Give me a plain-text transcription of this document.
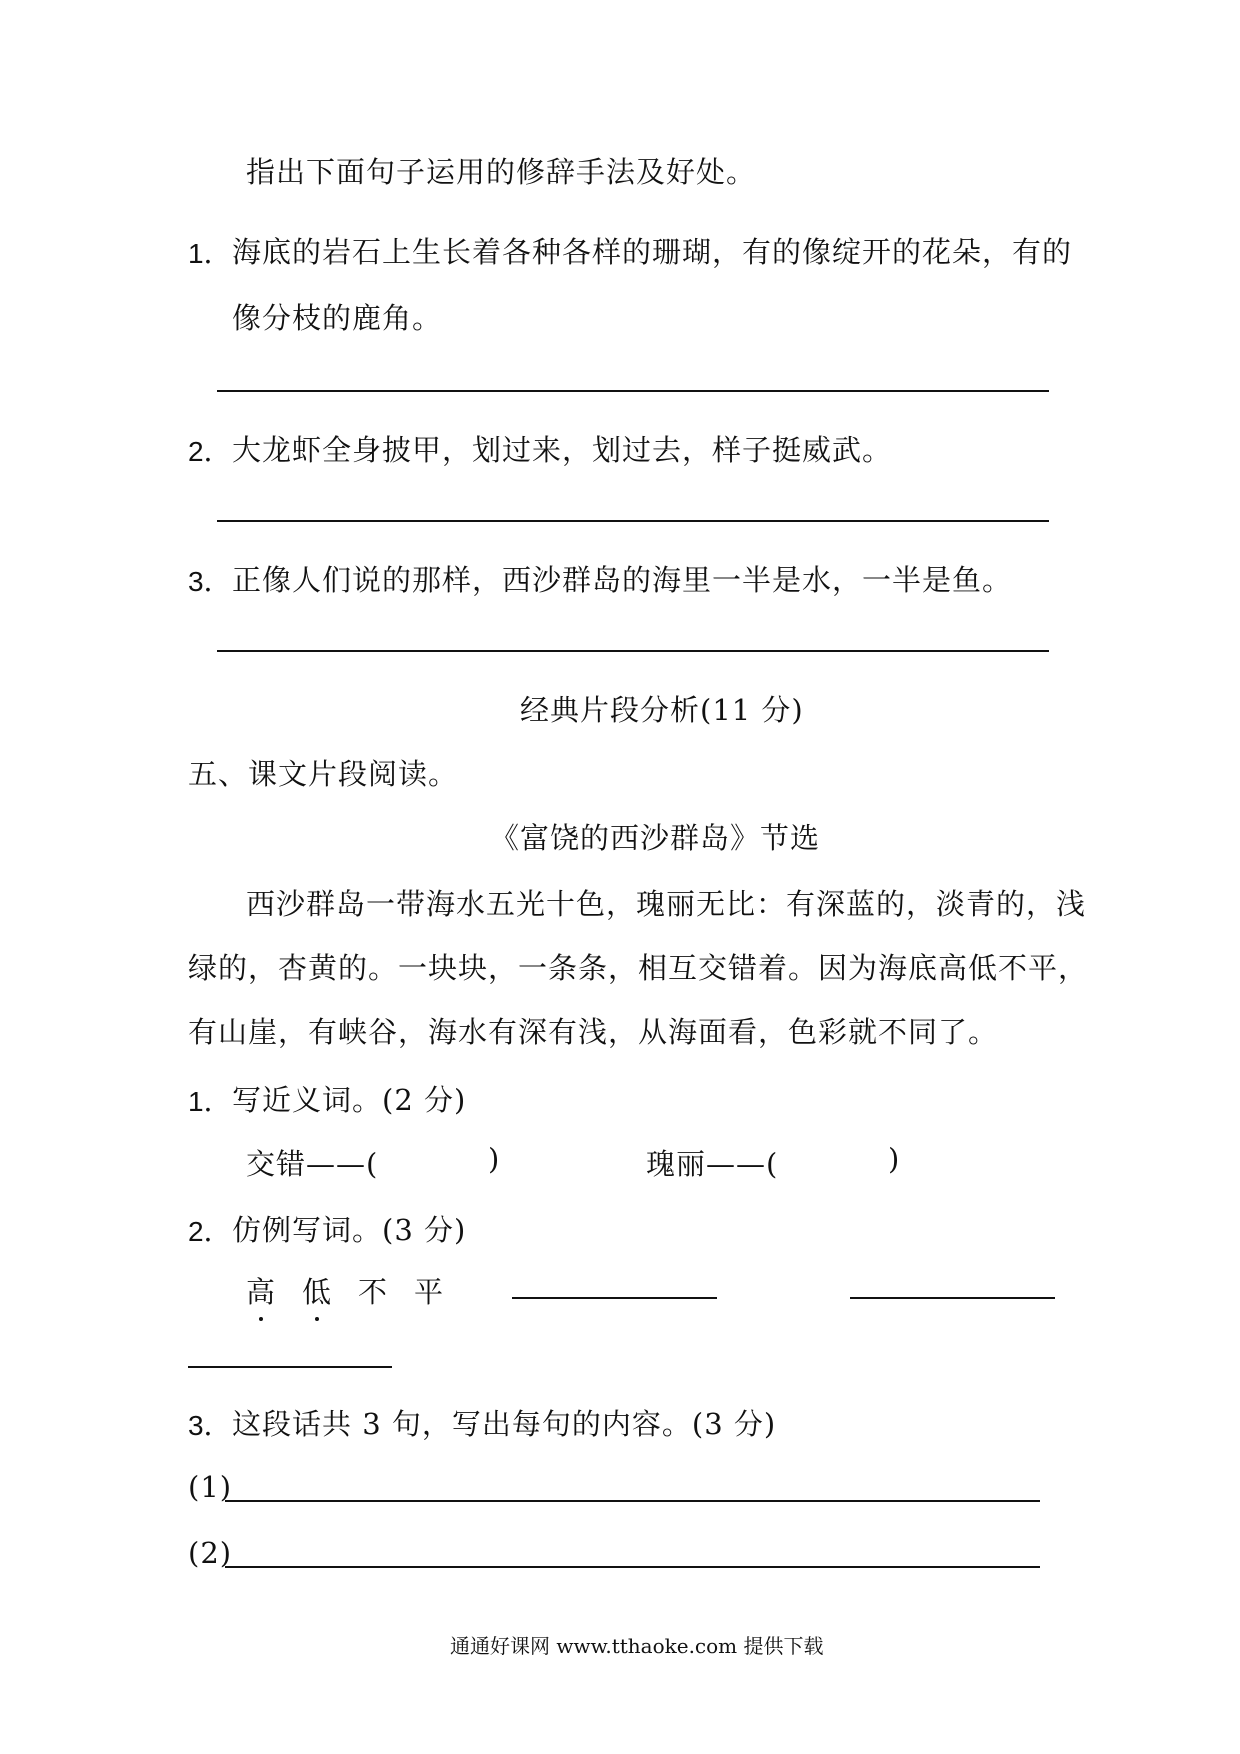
指出下面句子运用的修辞手法及好处。
1． 海底的岩石上生长着各种各样的珊瑚，有的像绽开的花朵，有的
像分枝的鹿角。
2． 大龙虾全身披甲，划过来，划过去，样子挺威武。
3． 正像人们说的那样，西沙群岛的海里一半是水，一半是鱼。
经典片段分析(11 分)
五、课文片段阅读。
《富饶的西沙群岛》节选
西沙群岛一带海水五光十色，瑰丽无比：有深蓝的，淡青的，浅
绿的，杏黄的。一块块，一条条，相互交错着。因为海底高低不平，
有山崖，有峡谷，海水有深有浅，从海面看，色彩就不同了。
1． 写近义词。(2 分)
交错——(	)	瑰丽——(	)
2． 仿例写词。(3 分)
高 低 不 平
3． 这段话共 3 句，写出每句的内容。(3 分)
(1)
(2)
通通好课网 www.tthaoke.com 提供下载
